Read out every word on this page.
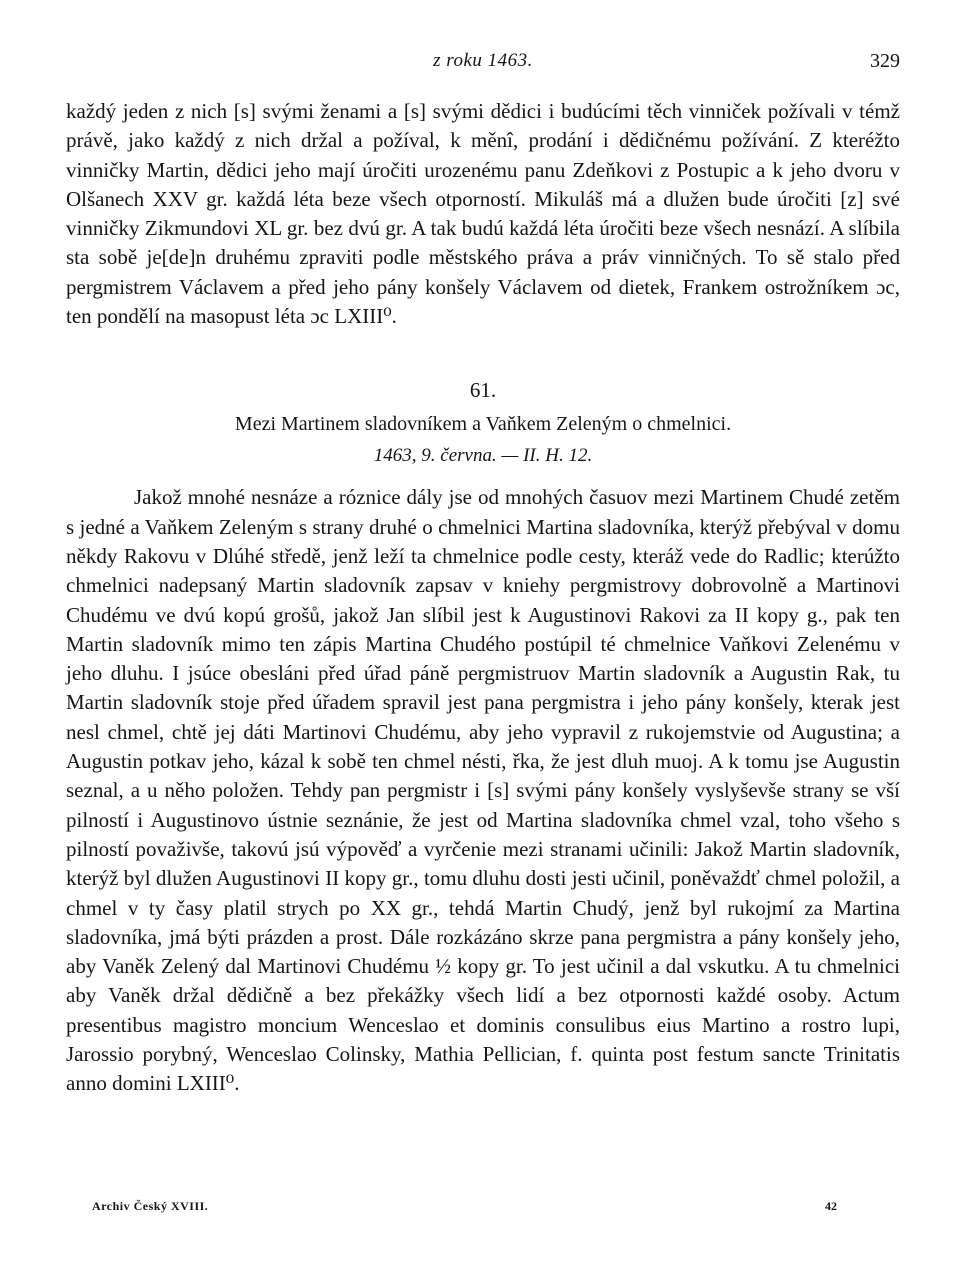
z roku 1463.	329

každý jeden z nich [s] svými ženami a [s] svými dědici i budúcími těch vinniček požívali v témž právě, jako každý z nich držal a požíval, k měnî, prodání i dědičnému požívání. Z kteréžto vinničky Martin, dědici jeho mají úročiti urozenému panu Zdeňkovi z Postupic a k jeho dvoru v Olšanech XXV gr. každá léta beze všech otporností. Mikuláš má a dlužen bude úročiti [z] své vinničky Zikmundovi XL gr. bez dvú gr. A tak budú každá léta úročiti beze všech nesnází. A slíbila sta sobě je[de]n druhému zpraviti podle městského práva a práv vinničných. To sě stalo před pergmistrem Václavem a před jeho pány konšely Václavem od dietek, Frankem ostrožníkem ɔc, ten pondělí na masopust léta ɔc LXIII⁰.

61.
Mezi Martinem sladovníkem a Vaňkem Zeleným o chmelnici.
1463, 9. června. — II. H. 12.

Jakož mnohé nesnáze a róznice dály jse od mnohých časuov mezi Martinem Chudé zetěm s jedné a Vaňkem Zeleným s strany druhé o chmelnici Martina sladovníka, kterýž přebýval v domu někdy Rakovu v Dlúhé středě, jenž leží ta chmelnice podle cesty, kteráž vede do Radlic; kterúžto chmelnici nadepsaný Martin sladovník zapsav v kniehy pergmistrovy dobrovolně a Martinovi Chudému ve dvú kopú grošů, jakož Jan slíbil jest k Augustinovi Rakovi za II kopy g., pak ten Martin sladovník mimo ten zápis Martina Chudého postúpil té chmelnice Vaňkovi Zelenému v jeho dluhu. I jsúce obesláni před úřad páně pergmistruov Martin sladovník a Augustin Rak, tu Martin sladovník stoje před úřadem spravil jest pana pergmistra i jeho pány konšely, kterak jest nesl chmel, chtě jej dáti Martinovi Chudému, aby jeho vypravil z rukojemstvie od Augustina; a Augustin potkav jeho, kázal k sobě ten chmel nésti, řka, že jest dluh muoj. A k tomu jse Augustin seznal, a u něho položen. Tehdy pan pergmistr i [s] svými pány konšely vyslyševše strany se vší pilností i Augustinovo ústnie seznánie, že jest od Martina sladovníka chmel vzal, toho všeho s pilností považivše, takovú jsú výpověď a vyrčenie mezi stranami učinili: Jakož Martin sladovník, kterýž byl dlužen Augustinovi II kopy gr., tomu dluhu dosti jesti učinil, poněvaždť chmel položil, a chmel v ty časy platil strych po XX gr., tehdá Martin Chudý, jenž byl rukojmí za Martina sladovníka, jmá býti prázden a prost. Dále rozkázáno skrze pana pergmistra a pány konšely jeho, aby Vaněk Zelený dal Martinovi Chudému ½ kopy gr. To jest učinil a dal vskutku. A tu chmelnici aby Vaněk držal dědičně a bez překážky všech lidí a bez otpornosti každé osoby. Actum presentibus magistro moncium Wenceslao et dominis consulibus eius Martino a rostro lupi, Jarossio porybný, Wenceslao Colinsky, Mathia Pellician, f. quinta post festum sancte Trinitatis anno domini LXIII⁰.

Archiv Český XVIII.	42
